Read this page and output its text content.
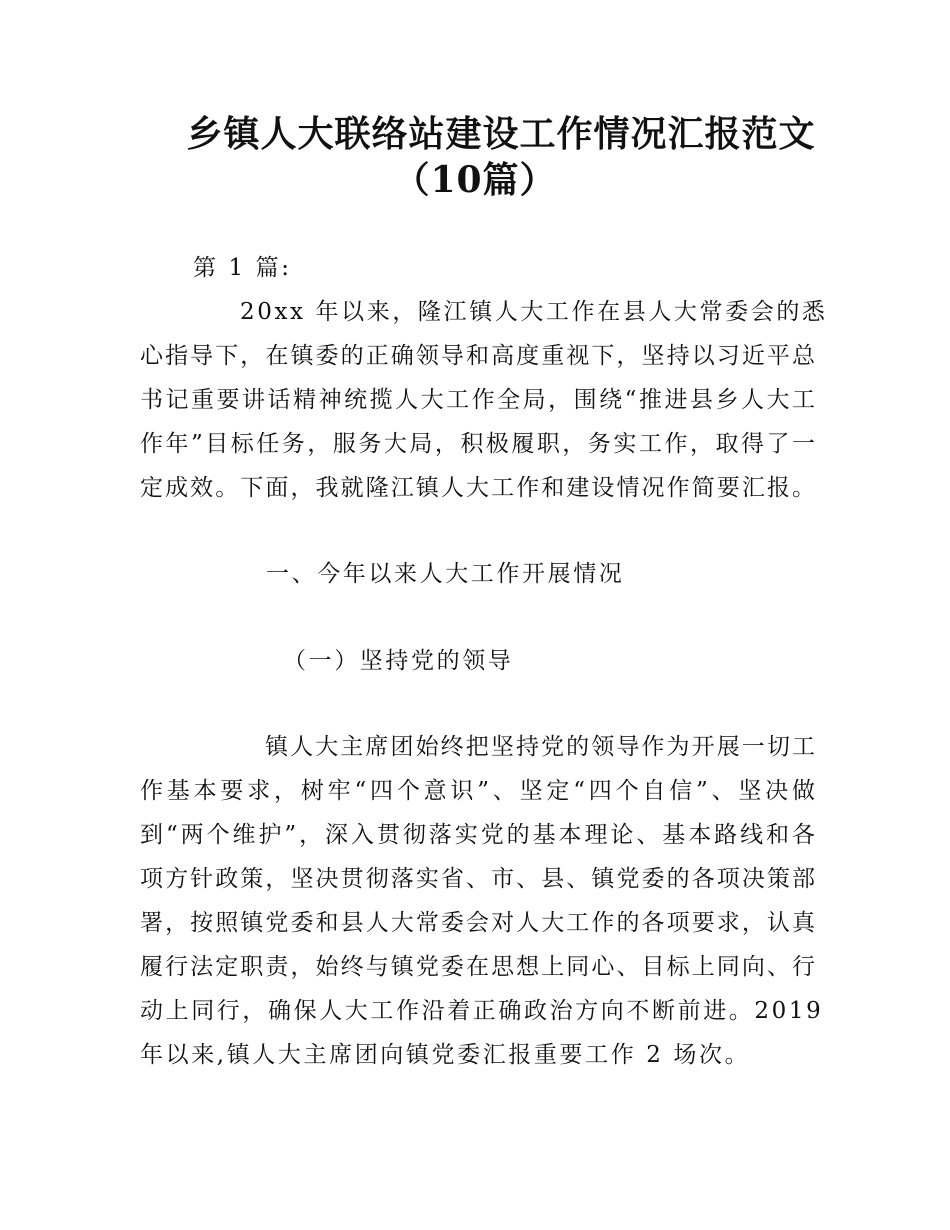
乡镇人大联络站建设工作情况汇报范文
（10篇）

第 1 篇:

20xx 年以来，隆江镇人大工作在县人大常委会的悉

心指导下，在镇委的正确领导和高度重视下，坚持以习近平总

书记重要讲话精神统揽人大工作全局，围绕“推进县乡人大工

作年”目标任务，服务大局，积极履职，务实工作，取得了一

定成效。下面，我就隆江镇人大工作和建设情况作简要汇报。

一、今年以来人大工作开展情况

（一）坚持党的领导

镇人大主席团始终把坚持党的领导作为开展一切工

作基本要求，树牢“四个意识”、坚定“四个自信”、坚决做

到“两个维护”，深入贯彻落实党的基本理论、基本路线和各

项方针政策，坚决贯彻落实省、市、县、镇党委的各项决策部

署，按照镇党委和县人大常委会对人大工作的各项要求，认真

履行法定职责，始终与镇党委在思想上同心、目标上同向、行

动上同行，确保人大工作沿着正确政治方向不断前进。2019

年以来,镇人大主席团向镇党委汇报重要工作 2 场次。
